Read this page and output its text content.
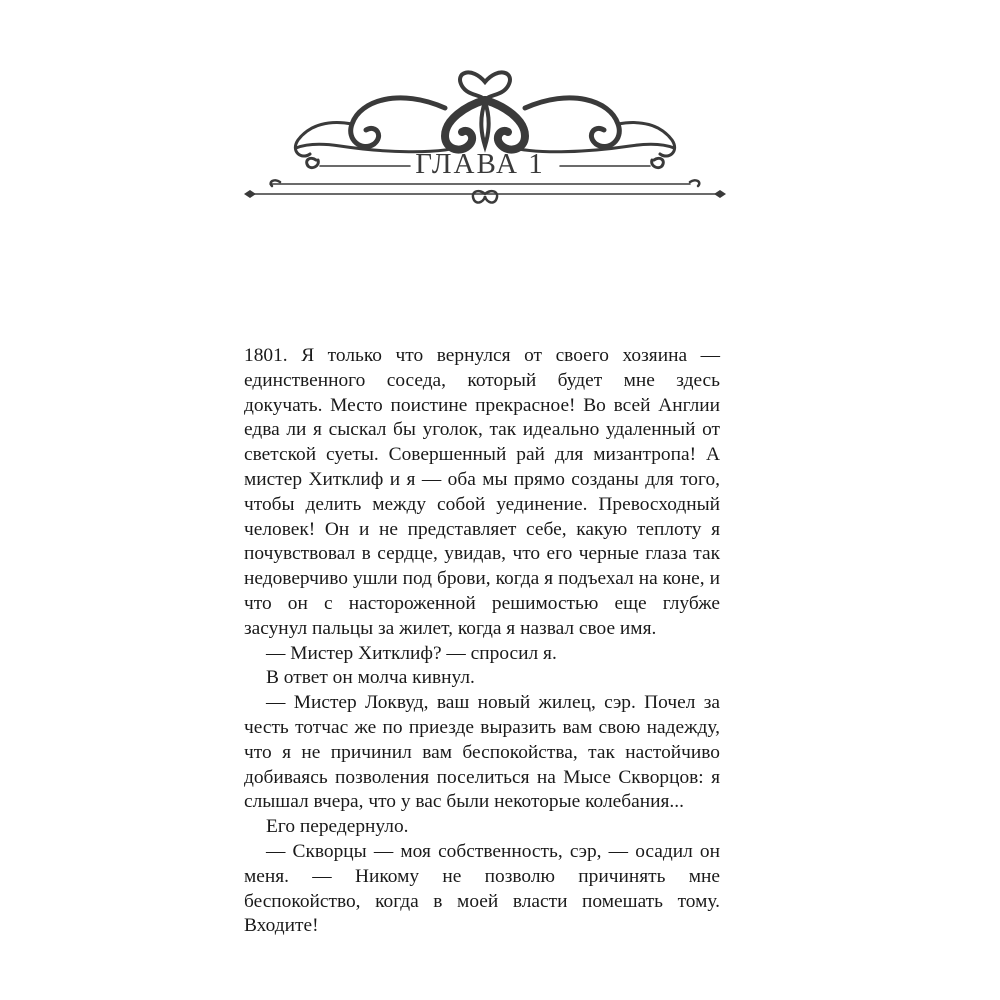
ГЛАВА 1

1801. Я только что вернулся от своего хозяина — единственного соседа, который будет мне здесь докучать. Место поистине прекрасное! Во всей Англии едва ли я сыскал бы уголок, так идеально удаленный от светской суеты. Совершенный рай для мизантропа! А мистер Хитклиф и я — оба мы прямо созданы для того, чтобы делить между собой уединение. Превосходный человек! Он и не представляет себе, какую теплоту я почувствовал в сердце, увидав, что его черные глаза так недоверчиво ушли под брови, когда я подъехал на коне, и что он с настороженной решимостью еще глубже засунул пальцы за жилет, когда я назвал свое имя.

— Мистер Хитклиф? — спросил я.

В ответ он молча кивнул.

— Мистер Локвуд, ваш новый жилец, сэр. Почел за честь тотчас же по приезде выразить вам свою надежду, что я не причинил вам беспокойства, так настойчиво добиваясь позволения поселиться на Мысе Скворцов: я слышал вчера, что у вас были некоторые колебания...

Его передернуло.

— Скворцы — моя собственность, сэр, — осадил он меня. — Никому не позволю причинять мне беспокойство, когда в моей власти помешать тому. Входите!
